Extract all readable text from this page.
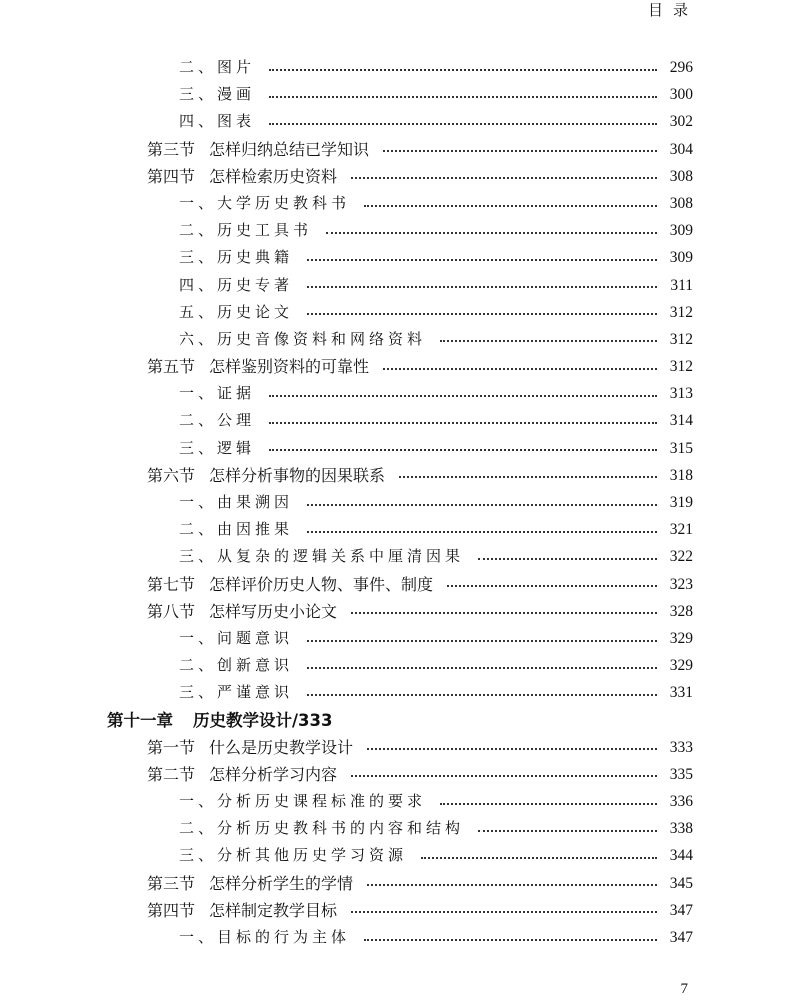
目录
二、图片	296
三、漫画	300
四、图表	302
第三节 怎样归纳总结已学知识	304
第四节 怎样检索历史资料	308
一、大学历史教科书	308
二、历史工具书	309
三、历史典籍	309
四、历史专著	311
五、历史论文	312
六、历史音像资料和网络资料	312
第五节 怎样鉴别资料的可靠性	312
一、证据	313
二、公理	314
三、逻辑	315
第六节 怎样分析事物的因果联系	318
一、由果溯因	319
二、由因推果	321
三、从复杂的逻辑关系中厘清因果	322
第七节 怎样评价历史人物、事件、制度	323
第八节 怎样写历史小论文	328
一、问题意识	329
二、创新意识	329
三、严谨意识	331
第十一章 历史教学设计/333
第一节 什么是历史教学设计	333
第二节 怎样分析学习内容	335
一、分析历史课程标准的要求	336
二、分析历史教科书的内容和结构	338
三、分析其他历史学习资源	344
第三节 怎样分析学生的学情	345
第四节 怎样制定教学目标	347
一、目标的行为主体	347
7
